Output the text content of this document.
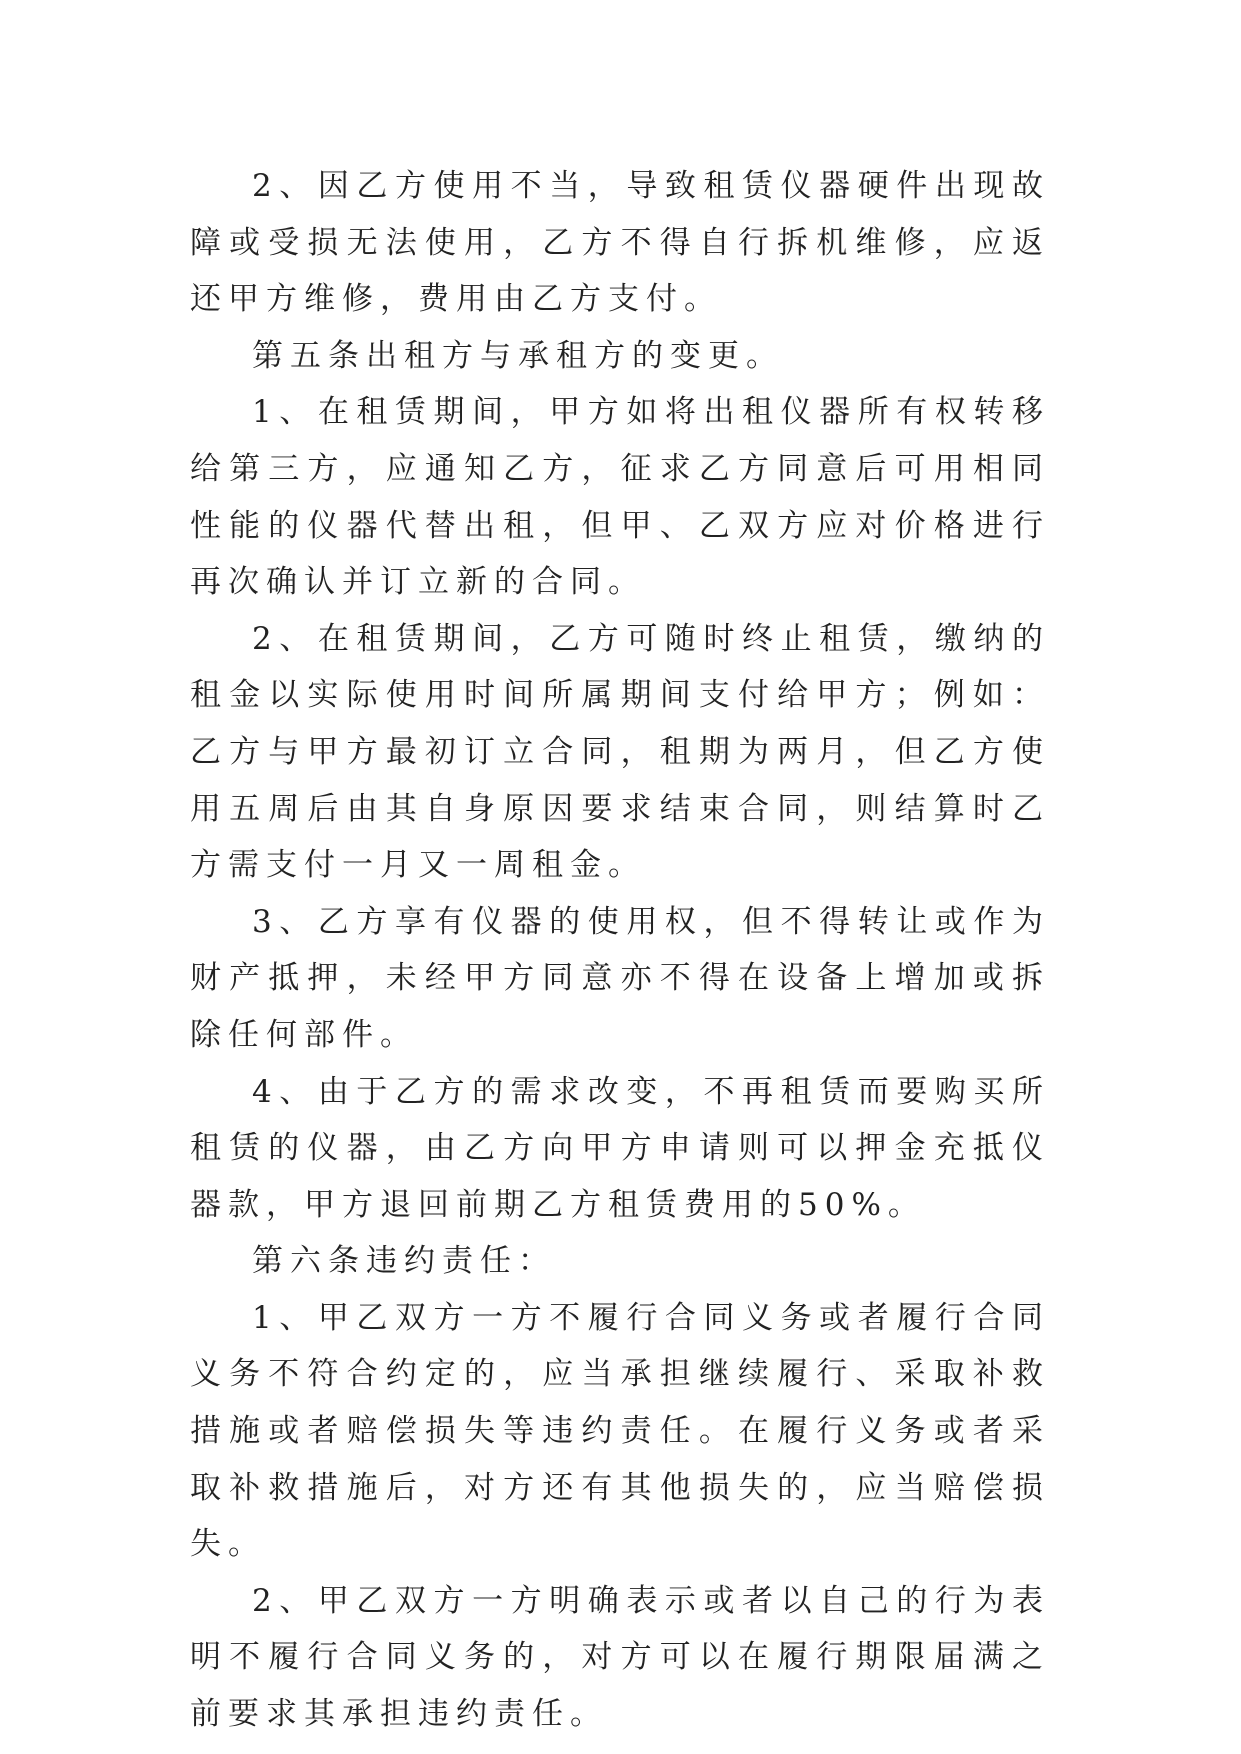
2、因乙方使用不当，导致租赁仪器硬件出现故障或受损无法使用，乙方不得自行拆机维修，应返还甲方维修，费用由乙方支付。

第五条出租方与承租方的变更。

1、在租赁期间，甲方如将出租仪器所有权转移给第三方，应通知乙方，征求乙方同意后可用相同性能的仪器代替出租，但甲、乙双方应对价格进行再次确认并订立新的合同。

2、在租赁期间，乙方可随时终止租赁，缴纳的租金以实际使用时间所属期间支付给甲方；例如：乙方与甲方最初订立合同，租期为两月，但乙方使用五周后由其自身原因要求结束合同，则结算时乙方需支付一月又一周租金。

3、乙方享有仪器的使用权，但不得转让或作为财产抵押，未经甲方同意亦不得在设备上增加或拆除任何部件。

4、由于乙方的需求改变，不再租赁而要购买所租赁的仪器，由乙方向甲方申请则可以押金充抵仪器款，甲方退回前期乙方租赁费用的50%。

第六条违约责任：

1、甲乙双方一方不履行合同义务或者履行合同义务不符合约定的，应当承担继续履行、采取补救措施或者赔偿损失等违约责任。在履行义务或者采取补救措施后，对方还有其他损失的，应当赔偿损失。

2、甲乙双方一方明确表示或者以自己的行为表明不履行合同义务的，对方可以在履行期限届满之前要求其承担违约责任。
